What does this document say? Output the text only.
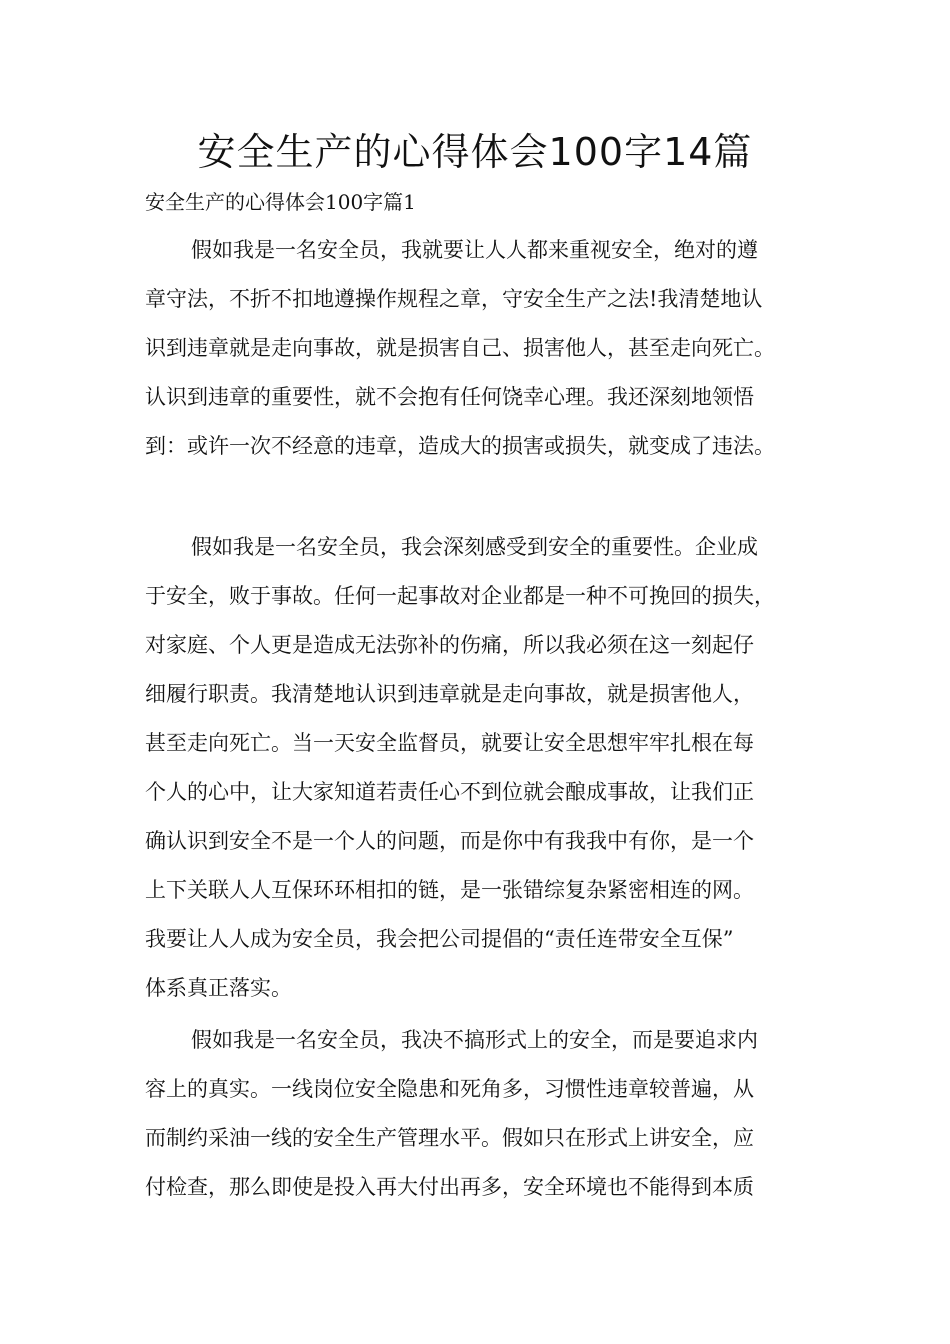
安全生产的心得体会100字14篇
安全生产的心得体会100字篇1
假如我是一名安全员，我就要让人人都来重视安全，绝对的遵
章守法，不折不扣地遵操作规程之章，守安全生产之法!我清楚地认
识到违章就是走向事故，就是损害自己、损害他人，甚至走向死亡。
认识到违章的重要性，就不会抱有任何饶幸心理。我还深刻地领悟
到：或许一次不经意的违章，造成大的损害或损失，就变成了违法。
假如我是一名安全员，我会深刻感受到安全的重要性。企业成
于安全，败于事故。任何一起事故对企业都是一种不可挽回的损失，
对家庭、个人更是造成无法弥补的伤痛，所以我必须在这一刻起仔
细履行职责。我清楚地认识到违章就是走向事故，就是损害他人，
甚至走向死亡。当一天安全监督员，就要让安全思想牢牢扎根在每
个人的心中，让大家知道若责任心不到位就会酿成事故，让我们正
确认识到安全不是一个人的问题，而是你中有我我中有你，是一个
上下关联人人互保环环相扣的链，是一张错综复杂紧密相连的网。
我要让人人成为安全员，我会把公司提倡的“责任连带安全互保”
体系真正落实。
假如我是一名安全员，我决不搞形式上的安全，而是要追求内
容上的真实。一线岗位安全隐患和死角多，习惯性违章较普遍，从
而制约采油一线的安全生产管理水平。假如只在形式上讲安全，应
付检查，那么即使是投入再大付出再多，安全环境也不能得到本质
